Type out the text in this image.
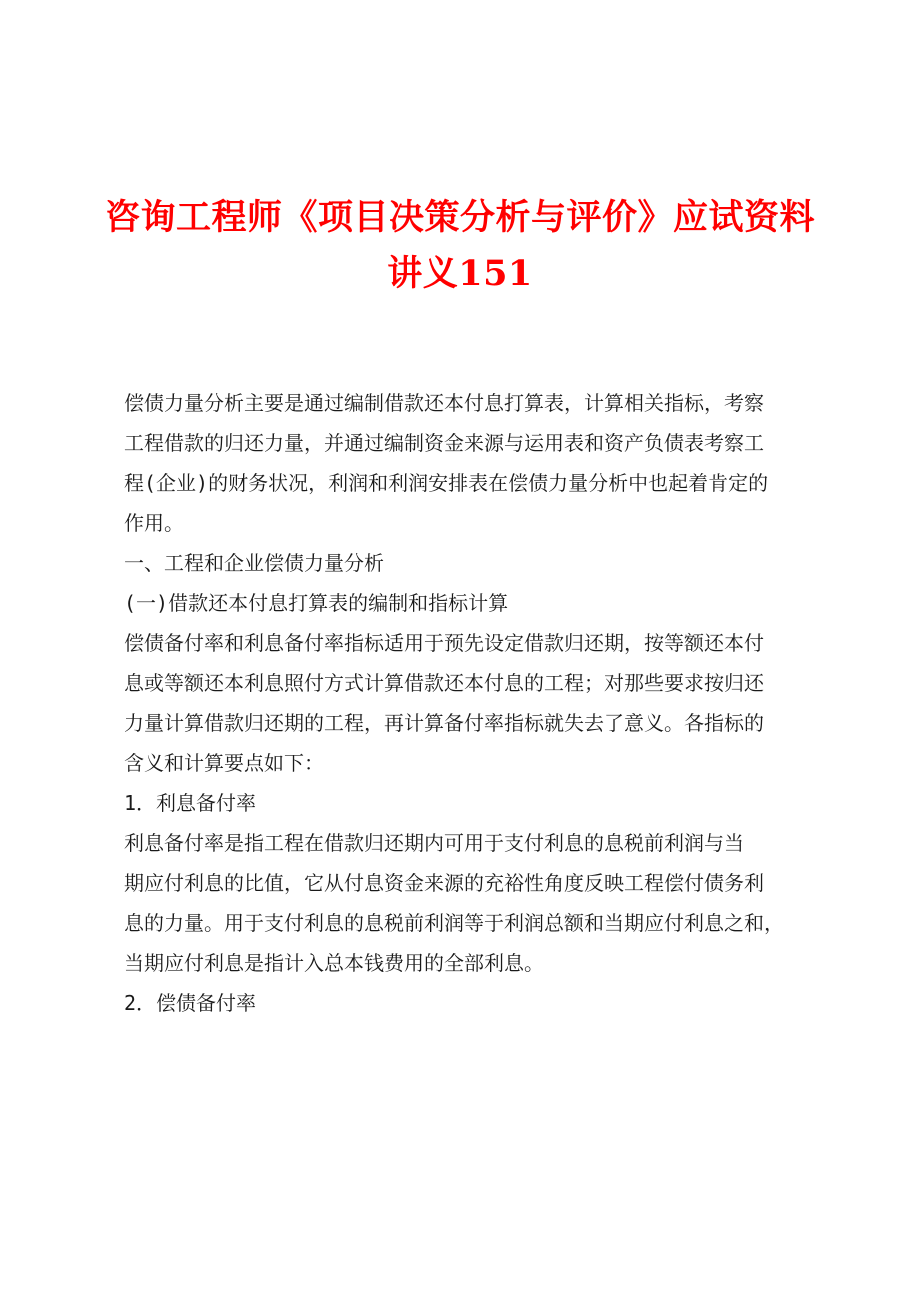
咨询工程师《项目决策分析与评价》应试资料
讲义151
偿债力量分析主要是通过编制借款还本付息打算表，计算相关指标，考察
工程借款的归还力量，并通过编制资金来源与运用表和资产负债表考察工
程(企业)的财务状况，利润和利润安排表在偿债力量分析中也起着肯定的
作用。
一、工程和企业偿债力量分析
(一)借款还本付息打算表的编制和指标计算
偿债备付率和利息备付率指标适用于预先设定借款归还期，按等额还本付
息或等额还本利息照付方式计算借款还本付息的工程；对那些要求按归还
力量计算借款归还期的工程，再计算备付率指标就失去了意义。各指标的
含义和计算要点如下：
1．利息备付率
利息备付率是指工程在借款归还期内可用于支付利息的息税前利润与当
期应付利息的比值，它从付息资金来源的充裕性角度反映工程偿付债务利
息的力量。用于支付利息的息税前利润等于利润总额和当期应付利息之和，
当期应付利息是指计入总本钱费用的全部利息。
2．偿债备付率
